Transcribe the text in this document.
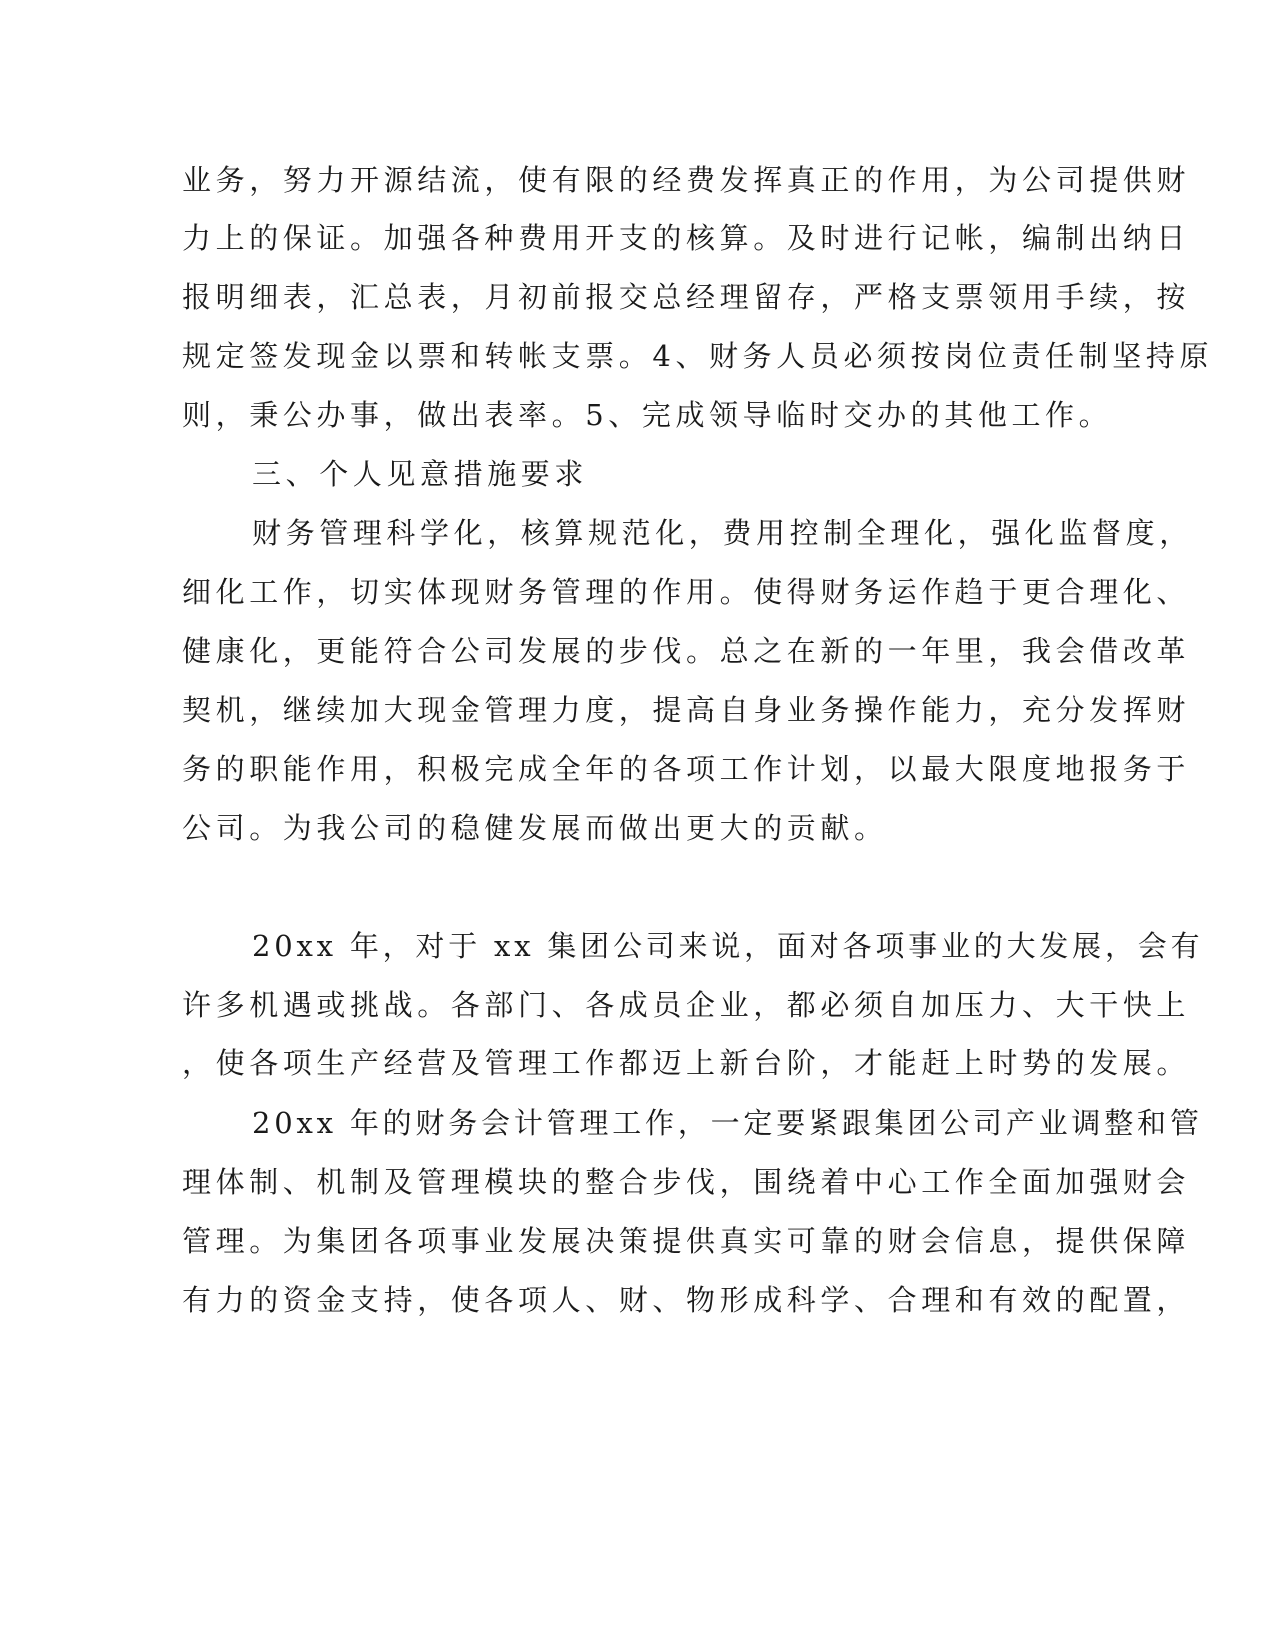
业务，努力开源结流，使有限的经费发挥真正的作用，为公司提供财
力上的保证。加强各种费用开支的核算。及时进行记帐，编制出纳日
报明细表，汇总表，月初前报交总经理留存，严格支票领用手续，按
规定签发现金以票和转帐支票。4、财务人员必须按岗位责任制坚持原
则，秉公办事，做出表率。5、完成领导临时交办的其他工作。
三、个人见意措施要求
财务管理科学化，核算规范化，费用控制全理化，强化监督度，
细化工作，切实体现财务管理的作用。使得财务运作趋于更合理化、
健康化，更能符合公司发展的步伐。总之在新的一年里，我会借改革
契机，继续加大现金管理力度，提高自身业务操作能力，充分发挥财
务的职能作用，积极完成全年的各项工作计划，以最大限度地报务于
公司。为我公司的稳健发展而做出更大的贡献。
20xx 年，对于 xx 集团公司来说，面对各项事业的大发展，会有
许多机遇或挑战。各部门、各成员企业，都必须自加压力、大干快上
，使各项生产经营及管理工作都迈上新台阶，才能赶上时势的发展。
20xx 年的财务会计管理工作，一定要紧跟集团公司产业调整和管
理体制、机制及管理模块的整合步伐，围绕着中心工作全面加强财会
管理。为集团各项事业发展决策提供真实可靠的财会信息，提供保障
有力的资金支持，使各项人、财、物形成科学、合理和有效的配置，
